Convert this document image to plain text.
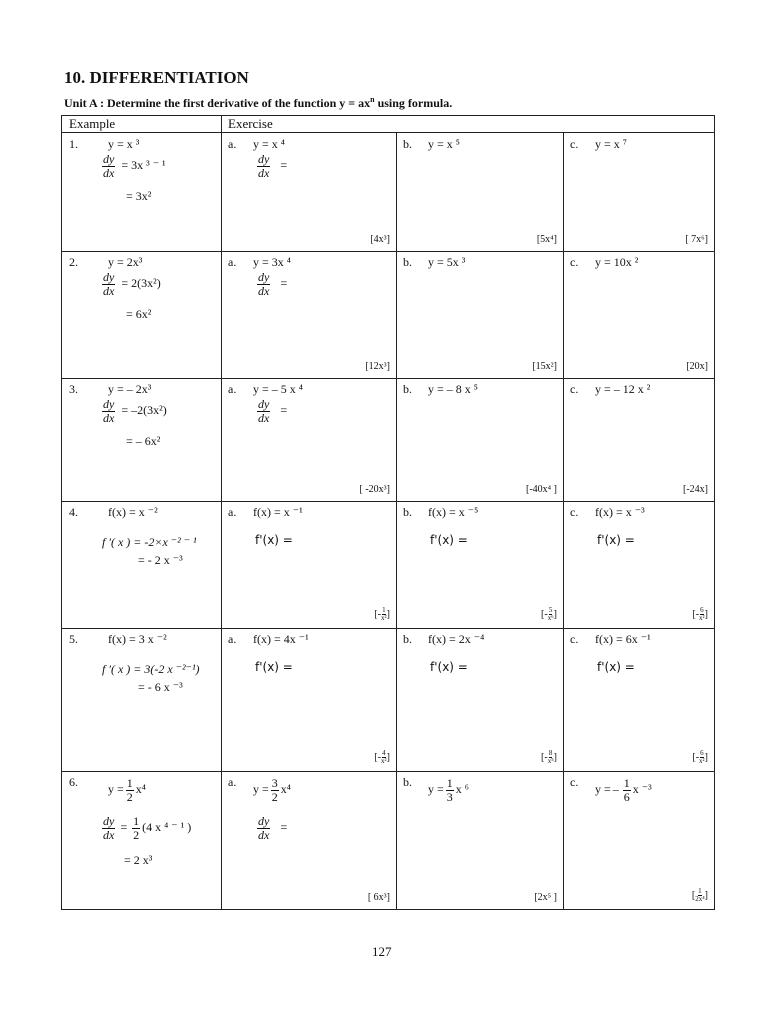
10. DIFFERENTIATION
Unit A : Determine the first derivative of the function $y = ax^n$ using formula.
Example	Exercise
1.	y = x ³
$\frac{dy}{dx} = 3x$ ³ ⁻ ¹
= 3x²
a. y = x ⁴
$\frac{dy}{dx}$ =
[4x³]
b. y = x ⁵
[5x⁴]
c. y = x ⁷
[ 7x⁶]
2.	y = 2x³
$\frac{dy}{dx} = 2(3x^2)$
= 6x²
a. y = 3x ⁴
$\frac{dy}{dx}$ =
[12x³]
b. y = 5x ³
[15x²]
c. y = 10x ²
[20x]
3.	y = – 2x³
$\frac{dy}{dx} = -2(3x^2)$
= – 6x²
a. y = – 5 x ⁴
$\frac{dy}{dx}$ =
[ -20x³]
b. y = – 8 x ⁵
[-40x⁴ ]
c. y = – 12 x ²
[-24x]
4.	f(x) = x ⁻²
f ′( x ) = -2×x ⁻² ⁻ ¹
= - 2 x ⁻³
a. f(x) = x ⁻¹
f'(x) =
[- $\frac{1}{\text{x²}}$ ]
b. f(x) = x ⁻⁵
f'(x) =
[- $\frac{5}{\text{x⁶}}$ ]
c. f(x) = x ⁻³
f'(x) =
[- $\frac{6}{\text{x²}}$ ]
5.	f(x) = 3 x ⁻²
f ′( x ) = 3(-2 x ⁻²⁻¹)
= - 6 x ⁻³
a. f(x) = 4x ⁻¹
f'(x) =
[- $\frac{4}{\text{x²}}$ ]
b. f(x) = 2x ⁻⁴
f'(x) =
[- $\frac{8}{\text{x⁵}}$ ]
c. f(x) = 6x ⁻¹
f'(x) =
[- $\frac{6}{\text{x²}}$ ]
6.	$y = \frac{1}{2} x^4$
$\frac{dy}{dx} = \frac{1}{2} (4$ x ⁴ ⁻ ¹ )
= 2 x³
a. $y = \frac{3}{2} x^4$
$\frac{dy}{dx}$ =
[ 6x³]
b. $y = \frac{1}{3}$ x ⁶
[2x⁵ ]
c. y = – $\frac{1}{6}$ x ⁻³
[ $\frac{1}{\text{2x⁴}}$ ]
127
